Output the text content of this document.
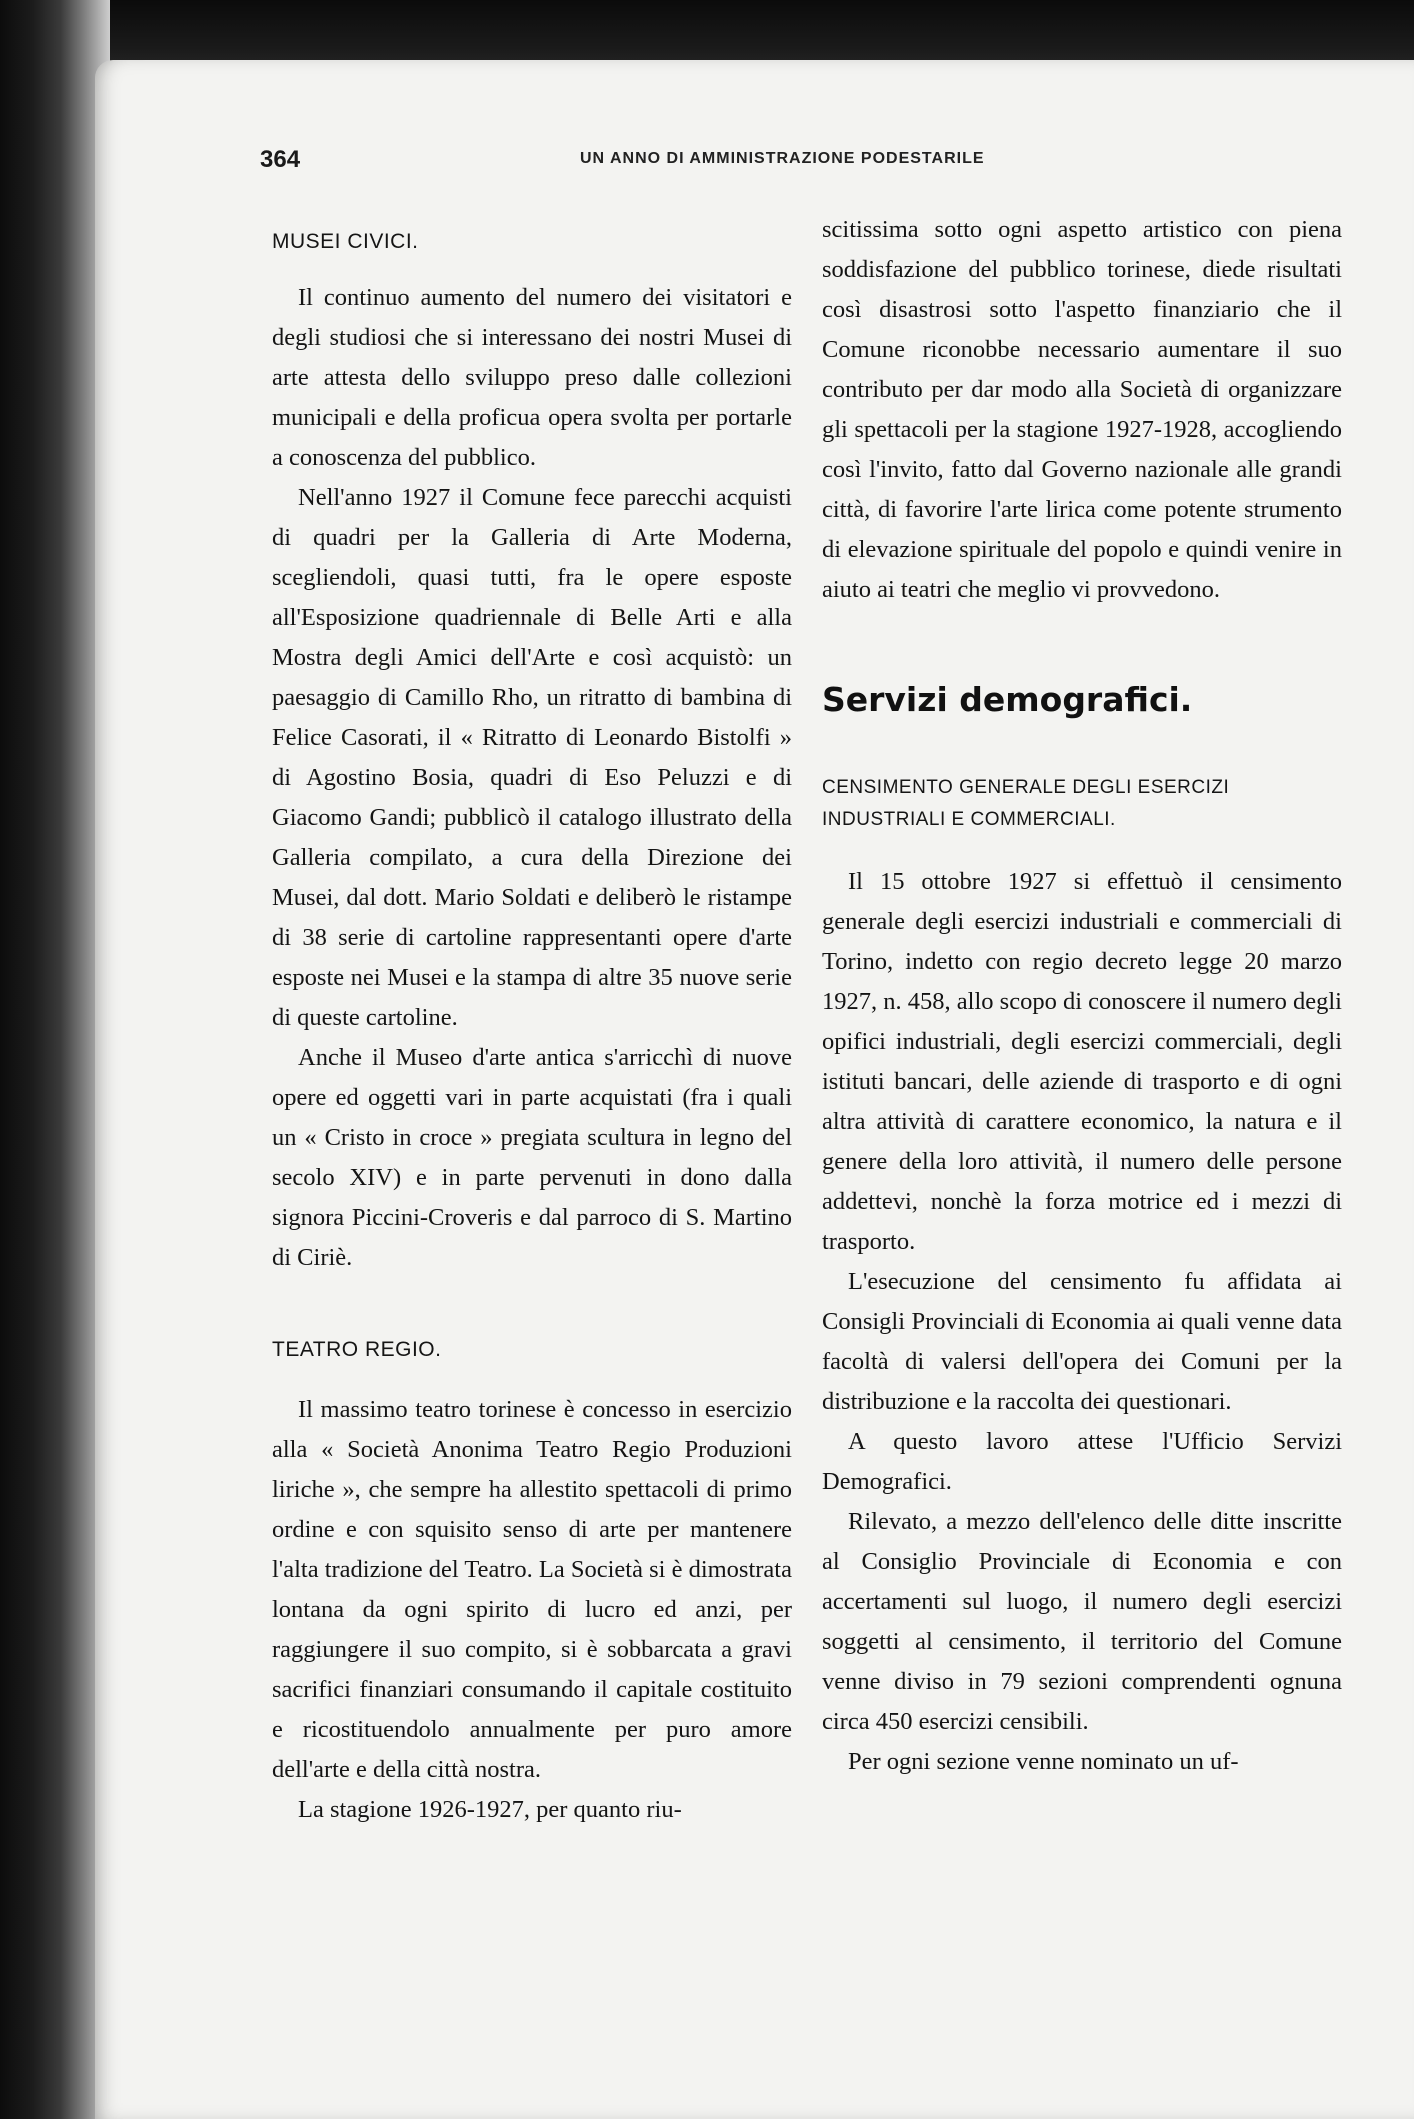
364	UN ANNO DI AMMINISTRAZIONE PODESTARILE
MUSEI CIVICI.

Il continuo aumento del numero dei visitatori e degli studiosi che si interessano dei nostri Musei di arte attesta dello sviluppo preso dalle collezioni municipali e della proficua opera svolta per portarle a conoscenza del pubblico.

Nell'anno 1927 il Comune fece parecchi acquisti di quadri per la Galleria di Arte Moderna, scegliendoli, quasi tutti, fra le opere esposte all'Esposizione quadriennale di Belle Arti e alla Mostra degli Amici dell'Arte e così acquistò: un paesaggio di Camillo Rho, un ritratto di bambina di Felice Casorati, il « Ritratto di Leonardo Bistolfi » di Agostino Bosia, quadri di Eso Peluzzi e di Giacomo Gandi; pubblicò il catalogo illustrato della Galleria compilato, a cura della Direzione dei Musei, dal dott. Mario Soldati e deliberò le ristampe di 38 serie di cartoline rappresentanti opere d'arte esposte nei Musei e la stampa di altre 35 nuove serie di queste cartoline.

Anche il Museo d'arte antica s'arricchì di nuove opere ed oggetti vari in parte acquistati (fra i quali un « Cristo in croce » pregiata scultura in legno del secolo XIV) e in parte pervenuti in dono dalla signora Piccini-Croveris e dal parroco di S. Martino di Ciriè.

TEATRO REGIO.

Il massimo teatro torinese è concesso in esercizio alla « Società Anonima Teatro Regio Produzioni liriche », che sempre ha allestito spettacoli di primo ordine e con squisito senso di arte per mantenere l'alta tradizione del Teatro. La Società si è dimostrata lontana da ogni spirito di lucro ed anzi, per raggiungere il suo compito, si è sobbarcata a gravi sacrifici finanziari consumando il capitale costituito e ricostituendolo annualmente per puro amore dell'arte e della città nostra.

La stagione 1926-1927, per quanto riu-

scitissima sotto ogni aspetto artistico con piena soddisfazione del pubblico torinese, diede risultati così disastrosi sotto l'aspetto finanziario che il Comune riconobbe necessario aumentare il suo contributo per dar modo alla Società di organizzare gli spettacoli per la stagione 1927-1928, accogliendo così l'invito, fatto dal Governo nazionale alle grandi città, di favorire l'arte lirica come potente strumento di elevazione spirituale del popolo e quindi venire in aiuto ai teatri che meglio vi provvedono.

Servizi demografici.
CENSIMENTO GENERALE DEGLI ESERCIZI INDUSTRIALI E COMMERCIALI.

Il 15 ottobre 1927 si effettuò il censimento generale degli esercizi industriali e commerciali di Torino, indetto con regio decreto legge 20 marzo 1927, n. 458, allo scopo di conoscere il numero degli opifici industriali, degli esercizi commerciali, degli istituti bancari, delle aziende di trasporto e di ogni altra attività di carattere economico, la natura e il genere della loro attività, il numero delle persone addettevi, nonchè la forza motrice ed i mezzi di trasporto.

L'esecuzione del censimento fu affidata ai Consigli Provinciali di Economia ai quali venne data facoltà di valersi dell'opera dei Comuni per la distribuzione e la raccolta dei questionari.

A questo lavoro attese l'Ufficio Servizi Demografici.

Rilevato, a mezzo dell'elenco delle ditte inscritte al Consiglio Provinciale di Economia e con accertamenti sul luogo, il numero degli esercizi soggetti al censimento, il territorio del Comune venne diviso in 79 sezioni comprendenti ognuna circa 450 esercizi censibili.

Per ogni sezione venne nominato un uf-
